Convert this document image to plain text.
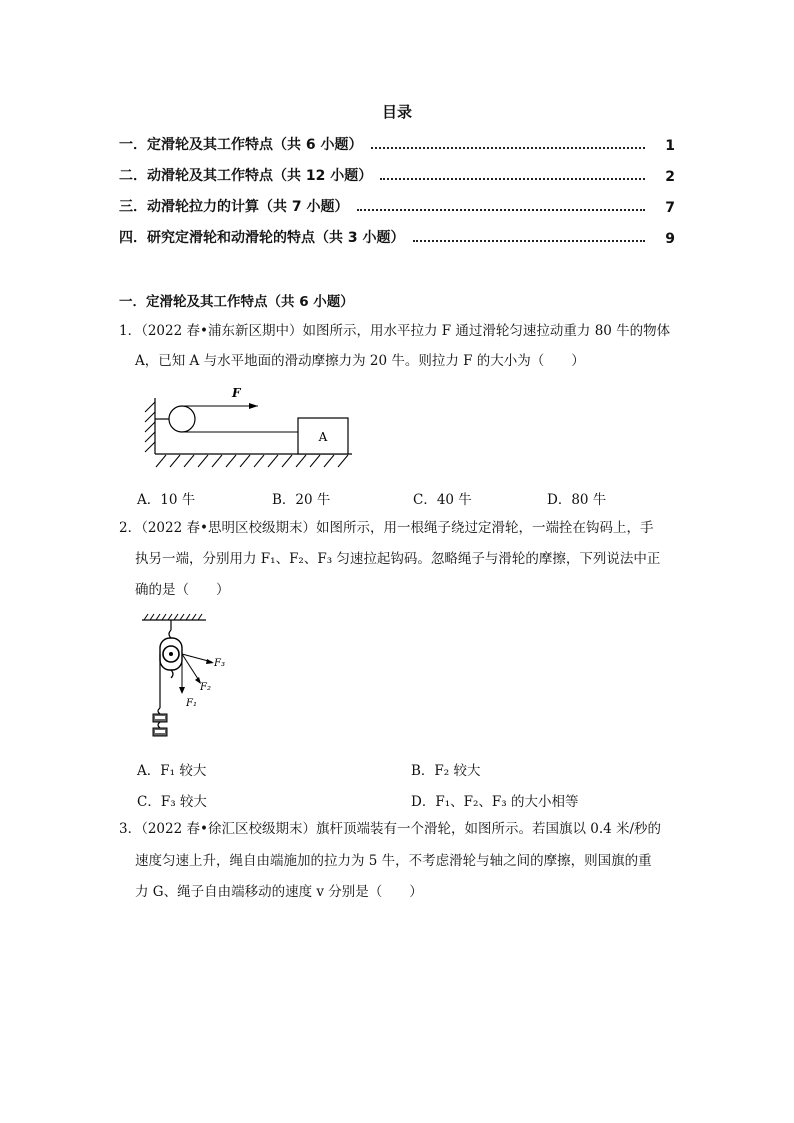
目录
一．定滑轮及其工作特点（共 6 小题）	1
二．动滑轮及其工作特点（共 12 小题）	2
三．动滑轮拉力的计算（共 7 小题）	7
四．研究定滑轮和动滑轮的特点（共 3 小题）	9
一．定滑轮及其工作特点（共 6 小题）
1．（2022 春•浦东新区期中）如图所示，用水平拉力 F 通过滑轮匀速拉动重力 80 牛的物体
A，已知 A 与水平地面的滑动摩擦力为 20 牛。则拉力 F 的大小为（　　）
A
F
A．10 牛	B．20 牛	C．40 牛	D．80 牛
2．（2022 春•思明区校级期末）如图所示，用一根绳子绕过定滑轮，一端拴在钩码上，手
执另一端，分别用力 F₁、F₂、F₃ 匀速拉起钩码。忽略绳子与滑轮的摩擦，下列说法中正
确的是（　　）
F₁
F₂
F₃
A．F₁ 较大	B．F₂ 较大
C．F₃ 较大	D．F₁、F₂、F₃ 的大小相等
3．（2022 春•徐汇区校级期末）旗杆顶端装有一个滑轮，如图所示。若国旗以 0.4 米/秒的
速度匀速上升，绳自由端施加的拉力为 5 牛，不考虑滑轮与轴之间的摩擦，则国旗的重
力 G、绳子自由端移动的速度 v 分别是（　　）
